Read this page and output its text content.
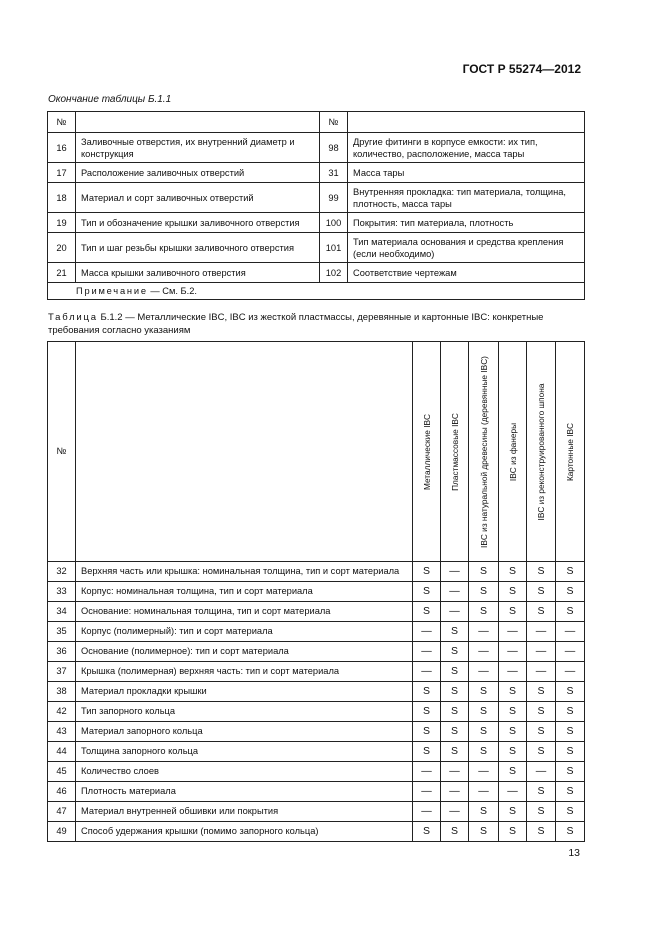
ГОСТ Р 55274—2012
Окончание таблицы Б.1.1
№		№	
16	Заливочные отверстия, их внутренний диаметр и конструкция	98	Другие фитинги в корпусе емкости: их тип, количество, расположение, масса тары
17	Расположение заливочных отверстий	31	Масса тары
18	Материал и сорт заливочных отверстий	99	Внутренняя прокладка: тип материала, толщина, плотность, масса тары
19	Тип и обозначение крышки заливочного отверстия	100	Покрытия: тип материала, плотность
20	Тип и шаг резьбы крышки заливочного отверстия	101	Тип материала основания и средства крепления (если необходимо)
21	Масса крышки заливочного отверстия	102	Соответствие чертежам
Примечание — См. Б.2.			
Таблица Б.1.2 — Металлические IBC, IBC из жесткой пластмассы, деревянные и картонные IBC: конкретные требования согласно указаниям
№		Металлические IBC	Пластмассовые IBC	IBC из натуральной древесины (деревянные IBC)	IBC из фанеры	IBC из реконструированного шпона	Картонные IBC

32	Верхняя часть или крышка: номинальная толщина, тип и сорт материала	S	—	S	S	S	S
33	Корпус: номинальная толщина, тип и сорт материала	S	—	S	S	S	S
34	Основание: номинальная толщина, тип и сорт материала	S	—	S	S	S	S
35	Корпус (полимерный): тип и сорт материала	—	S	—	—	—	—
36	Основание (полимерное): тип и сорт материала	—	S	—	—	—	—
37	Крышка (полимерная) верхняя часть: тип и сорт материала	—	S	—	—	—	—
38	Материал прокладки крышки	S	S	S	S	S	S
42	Тип запорного кольца	S	S	S	S	S	S
43	Материал запорного кольца	S	S	S	S	S	S
44	Толщина запорного кольца	S	S	S	S	S	S
45	Количество слоев	—	—	—	S	—	S
46	Плотность материала	—	—	—	—	S	S
47	Материал внутренней обшивки или покрытия	—	—	S	S	S	S
49	Способ удержания крышки (помимо запорного кольца)	S	S	S	S	S	S
13
